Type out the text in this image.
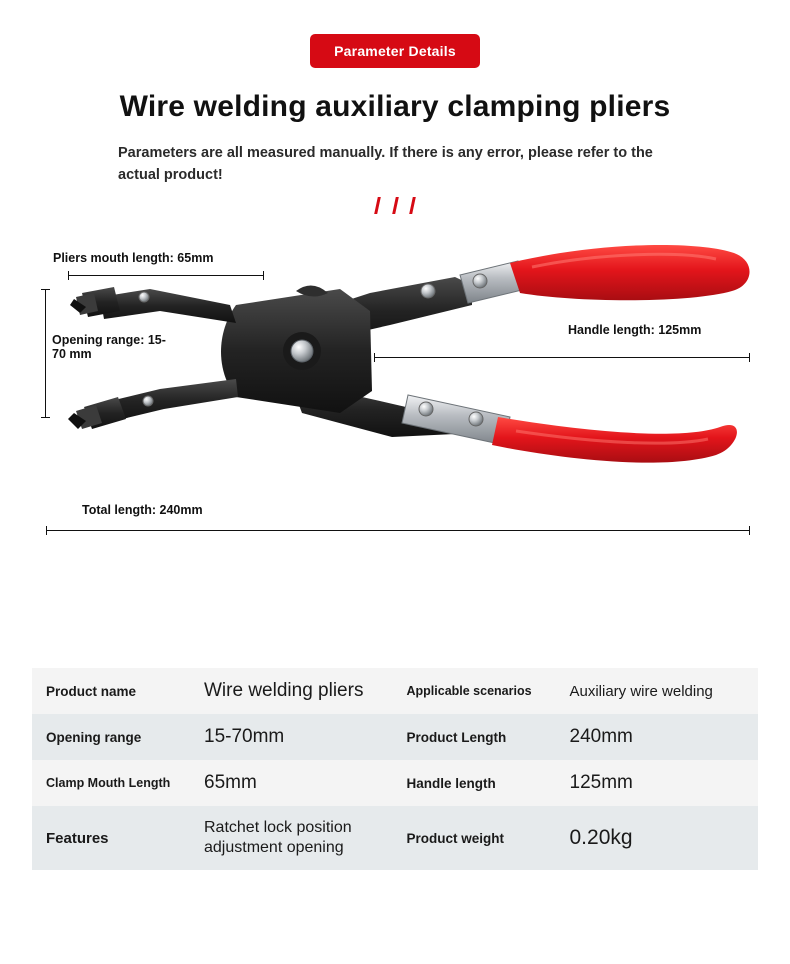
Parameter Details
Wire welding auxiliary clamping pliers
Parameters are all measured manually. If there is any error, please refer to the actual product!

Pliers mouth length: 65mm
Opening range: 15-70 mm
Handle length: 125mm
Total length: 240mm
Product name	Wire welding pliers	Applicable scenarios	Auxiliary wire welding
Opening range	15-70mm	Product Length	240mm
Clamp Mouth Length	65mm	Handle length	125mm
Features	Ratchet lock position adjustment opening	Product weight	0.20kg
